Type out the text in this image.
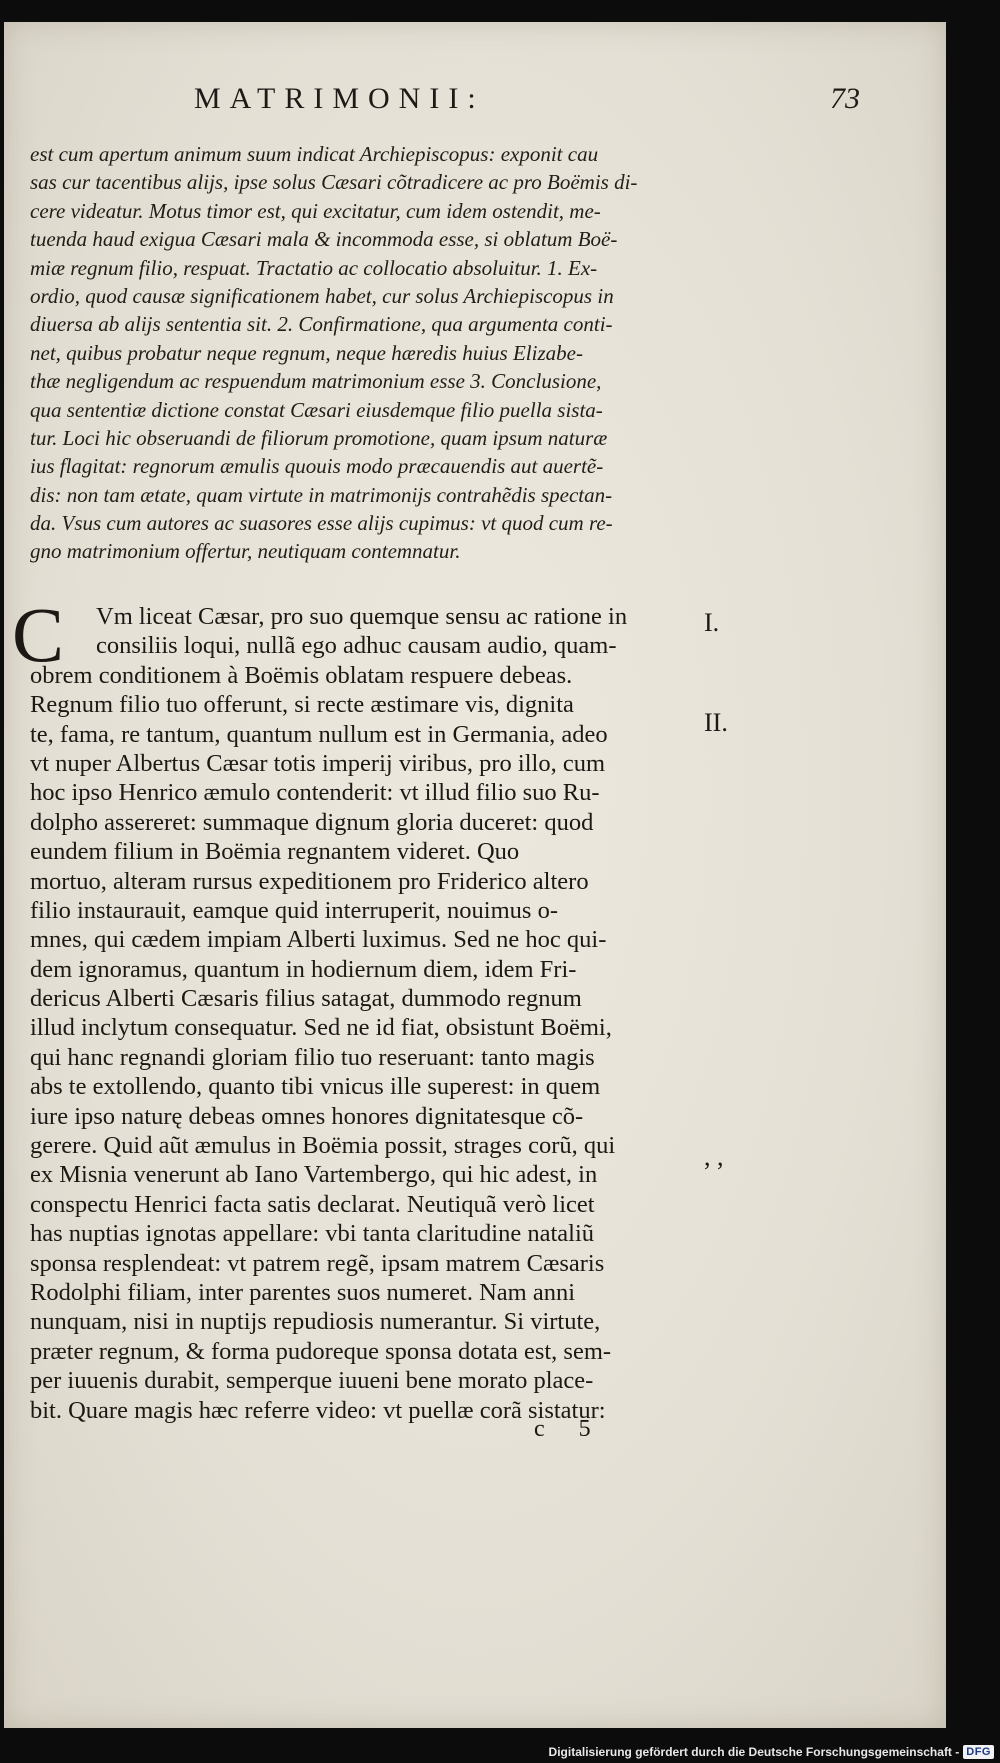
MATRIMONII:	73
est cum apertum animum suum indicat Archiepiscopus: exponit cau
sas cur tacentibus alijs, ipse solus Cæsari cõtradicere ac pro Boëmis di-
cere videatur. Motus timor est, qui excitatur, cum idem ostendit, me-
tuenda haud exigua Cæsari mala & incommoda esse, si oblatum Boë-
miæ regnum filio, respuat. Tractatio ac collocatio absoluitur. 1. Ex-
ordio, quod causæ significationem habet, cur solus Archiepiscopus in
diuersa ab alijs sententia sit. 2. Confirmatione, qua argumenta conti-
net, quibus probatur neque regnum, neque hæredis huius Elizabe-
thæ negligendum ac respuendum matrimonium esse 3. Conclusione,
qua sententiæ dictione constat Cæsari eiusdemque filio puella sista-
tur. Loci hic obseruandi de filiorum promotione, quam ipsum naturæ
ius flagitat: regnorum æmulis quouis modo præcauendis aut auertẽ-
dis: non tam ætate, quam virtute in matrimonijs contrahẽdis spectan-
da. Vsus cum autores ac suasores esse alijs cupimus: vt quod cum re-
gno matrimonium offertur, neutiquam contemnatur.
C	Vm liceat Cæsar, pro suo quemque sensu ac ratione in
consiliis loqui, nullã ego adhuc causam audio, quam-
obrem conditionem à Boëmis oblatam respuere debeas.
Regnum filio tuo offerunt, si recte æstimare vis, dignita
te, fama, re tantum, quantum nullum est in Germania, adeo
vt nuper Albertus Cæsar totis imperij viribus, pro illo, cum
hoc ipso Henrico æmulo contenderit: vt illud filio suo Ru-
dolpho assereret: summaque dignum gloria duceret: quod
eundem filium in Boëmia regnantem videret. Quo
mortuo, alteram rursus expeditionem pro Friderico altero
filio instaurauit, eamque quid interruperit, nouimus o-
mnes, qui cædem impiam Alberti luximus. Sed ne hoc qui-
dem ignoramus, quantum in hodiernum diem, idem Fri-
dericus Alberti Cæsaris filius satagat, dummodo regnum
illud inclytum consequatur. Sed ne id fiat, obsistunt Boëmi,
qui hanc regnandi gloriam filio tuo reseruant: tanto magis
abs te extollendo, quanto tibi vnicus ille superest: in quem
iure ipso naturę debeas omnes honores dignitatesque cõ-
gerere. Quid aũt æmulus in Boëmia possit, strages corũ, qui
ex Misnia venerunt ab Iano Vartembergo, qui hic adest, in
conspectu Henrici facta satis declarat. Neutiquã verò licet
has nuptias ignotas appellare: vbi tanta claritudine nataliũ
sponsa resplendeat: vt patrem regẽ, ipsam matrem Cæsaris
Rodolphi filiam, inter parentes suos numeret. Nam anni
nunquam, nisi in nuptijs repudiosis numerantur. Si virtute,
præter regnum, & forma pudoreque sponsa dotata est, sem-
per iuuenis durabit, semperque iuueni bene morato place-
bit. Quare magis hæc referre video: vt puellæ corã sistatur:
I.
II.
, ,
c 5
Digitalisierung gefördert durch die Deutsche Forschungsgemeinschaft - DFG
